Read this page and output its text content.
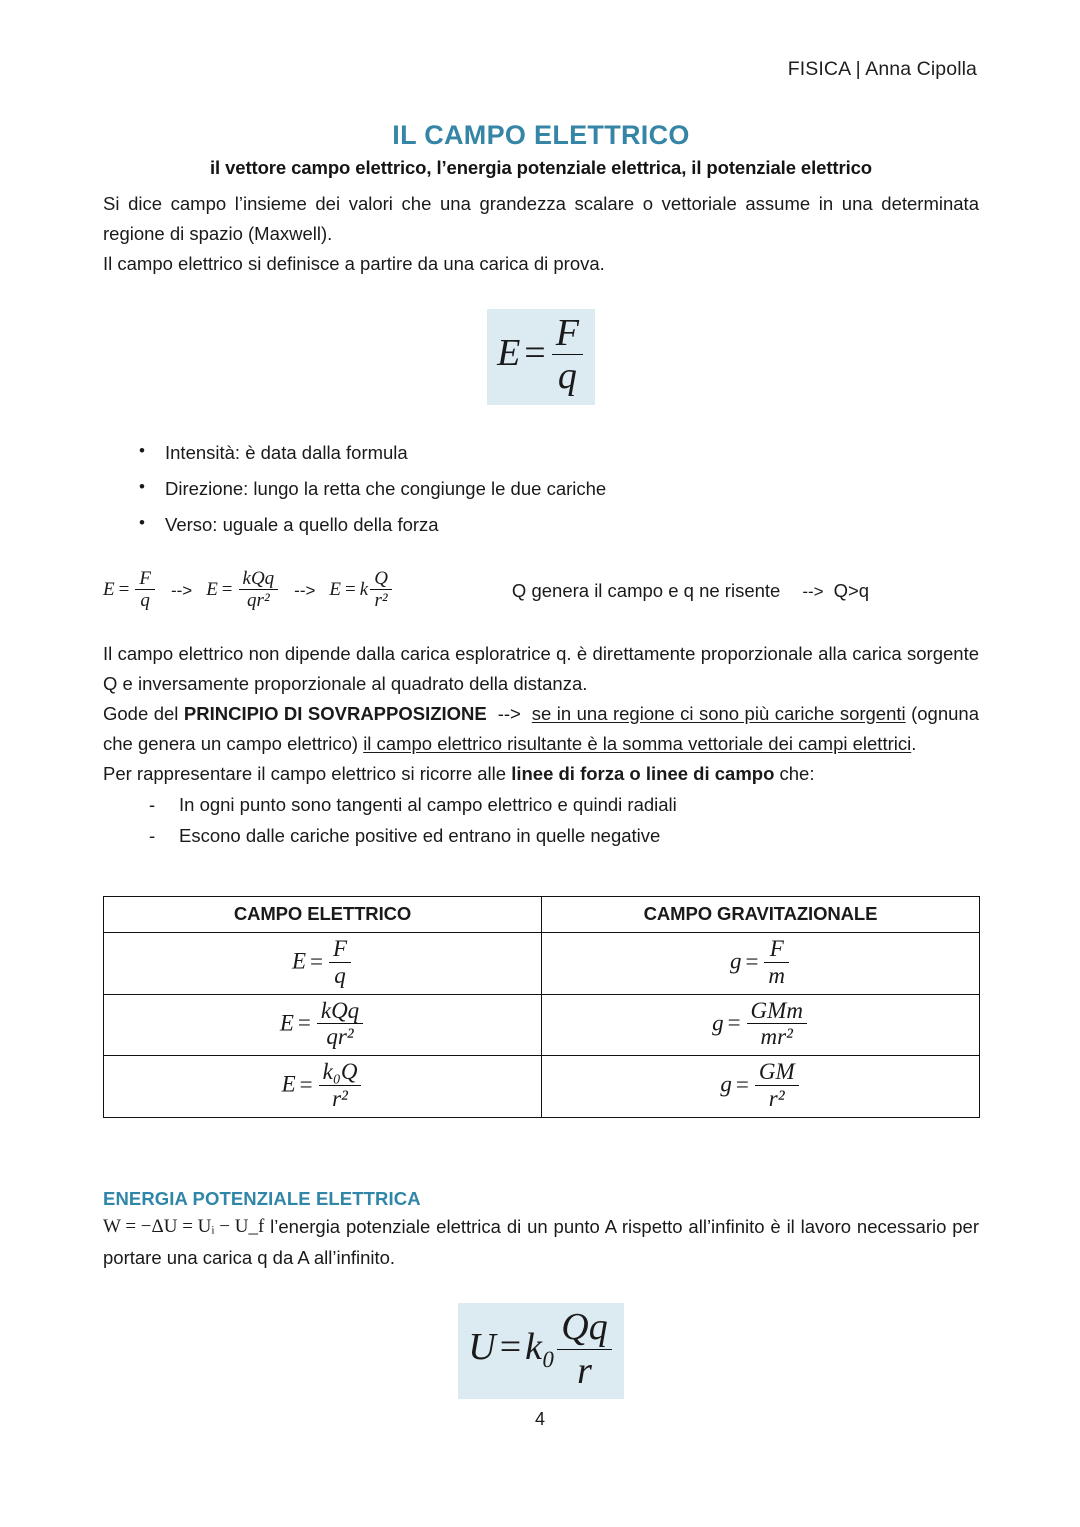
FISICA | Anna Cipolla
IL CAMPO ELETTRICO
il vettore campo elettrico, l’energia potenziale elettrica, il potenziale elettrico

Si dice campo l’insieme dei valori che una grandezza scalare o vettoriale assume in una determinata regione di spazio (Maxwell).

Il campo elettrico si definisce a partire da una carica di prova.

$E = \frac{F}{q}$
• Intensità: è data dalla formula
• Direzione: lungo la retta che congiunge le due cariche
• Verso: uguale a quello della forza
$E = \frac{F}{q}$ --> $E = \frac{\text{kQq}}{\text{qr²}}$ --> E = k $\frac{Q}{\text{r²}}$	Q genera il campo e q ne risente --> Q>q

Il campo elettrico non dipende dalla carica esploratrice q. è direttamente proporzionale alla carica sorgente Q e inversamente proporzionale al quadrato della distanza.

Gode del PRINCIPIO DI SOVRAPPOSIZIONE --> se in una regione ci sono più cariche sorgenti (ognuna che genera un campo elettrico) il campo elettrico risultante è la somma vettoriale dei campi elettrici.

Per rappresentare il campo elettrico si ricorre alle linee di forza o linee di campo che:

- In ogni punto sono tangenti al campo elettrico e quindi radiali
- Escono dalle cariche positive ed entrano in quelle negative
CAMPO ELETTRICO	CAMPO GRAVITAZIONALE
$E = \frac{F}{q}$	$g = \frac{F}{m}$

$E = \frac{\text{kQq}}{\text{qr²}}$	$g = \frac{\text{GMm}}{\text{mr²}}$

$E = \frac{\text{k₀Q}}{\text{r²}}$	$g = \frac{GM}{\text{r²}}$
ENERGIA POTENZIALE ELETTRICA

W = −ΔU = Uᵢ − U_f l’energia potenziale elettrica di un punto A rispetto all’infinito è il lavoro necessario per portare una carica q da A all’infinito.

$U = k_0 \frac{Qq}{r}$
4
